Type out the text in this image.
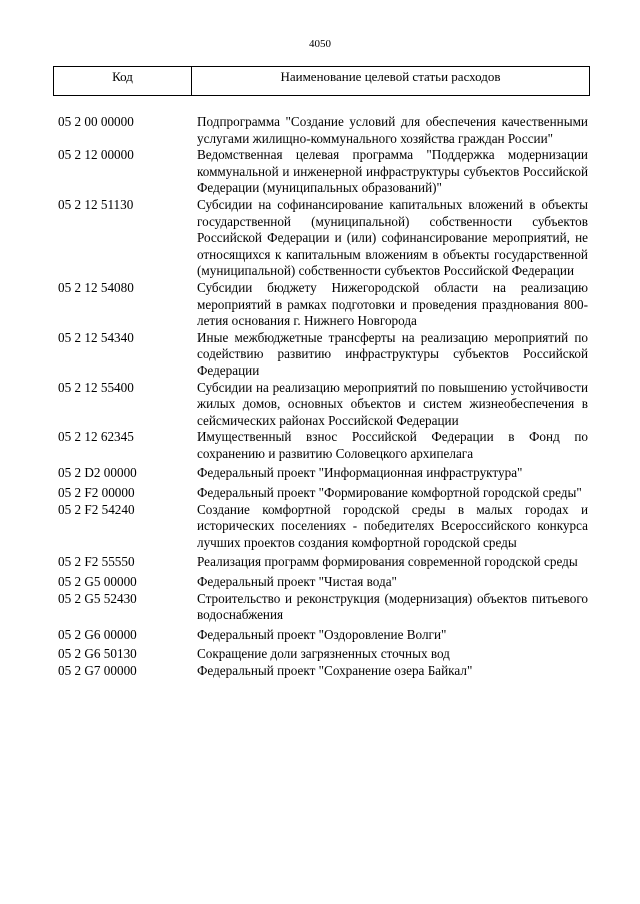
4050
Код	Наименование целевой статьи расходов
05 2 00 00000	Подпрограмма "Создание условий для обеспечения качественными услугами жилищно-коммунального хозяйства граждан России"
05 2 12 00000	Ведомственная целевая программа "Поддержка модернизации коммунальной и инженерной инфраструктуры субъектов Российской Федерации (муниципальных образований)"
05 2 12 51130	Субсидии на софинансирование капитальных вложений в объекты государственной (муниципальной) собственности субъектов Российской Федерации и (или) софинансирование мероприятий, не относящихся к капитальным вложениям в объекты государственной (муниципальной) собственности субъектов Российской Федерации
05 2 12 54080	Субсидии бюджету Нижегородской области на реализацию мероприятий в рамках подготовки и проведения празднования 800-летия основания г. Нижнего Новгорода
05 2 12 54340	Иные межбюджетные трансферты на реализацию мероприятий по содействию развитию инфраструктуры субъектов Российской Федерации
05 2 12 55400	Субсидии на реализацию мероприятий по повышению устойчивости жилых домов, основных объектов и систем жизнеобеспечения в сейсмических районах Российской Федерации
05 2 12 62345	Имущественный взнос Российской Федерации в Фонд по сохранению и развитию Соловецкого архипелага
05 2 D2 00000	Федеральный проект "Информационная инфраструктура"
05 2 F2 00000	Федеральный проект "Формирование комфортной городской среды"
05 2 F2 54240	Создание комфортной городской среды в малых городах и исторических поселениях - победителях Всероссийского конкурса лучших проектов создания комфортной городской среды
05 2 F2 55550	Реализация программ формирования современной городской среды
05 2 G5 00000	Федеральный проект "Чистая вода"
05 2 G5 52430	Строительство и реконструкция (модернизация) объектов питьевого водоснабжения
05 2 G6 00000	Федеральный проект "Оздоровление Волги"
05 2 G6 50130	Сокращение доли загрязненных сточных вод
05 2 G7 00000	Федеральный проект "Сохранение озера Байкал"
